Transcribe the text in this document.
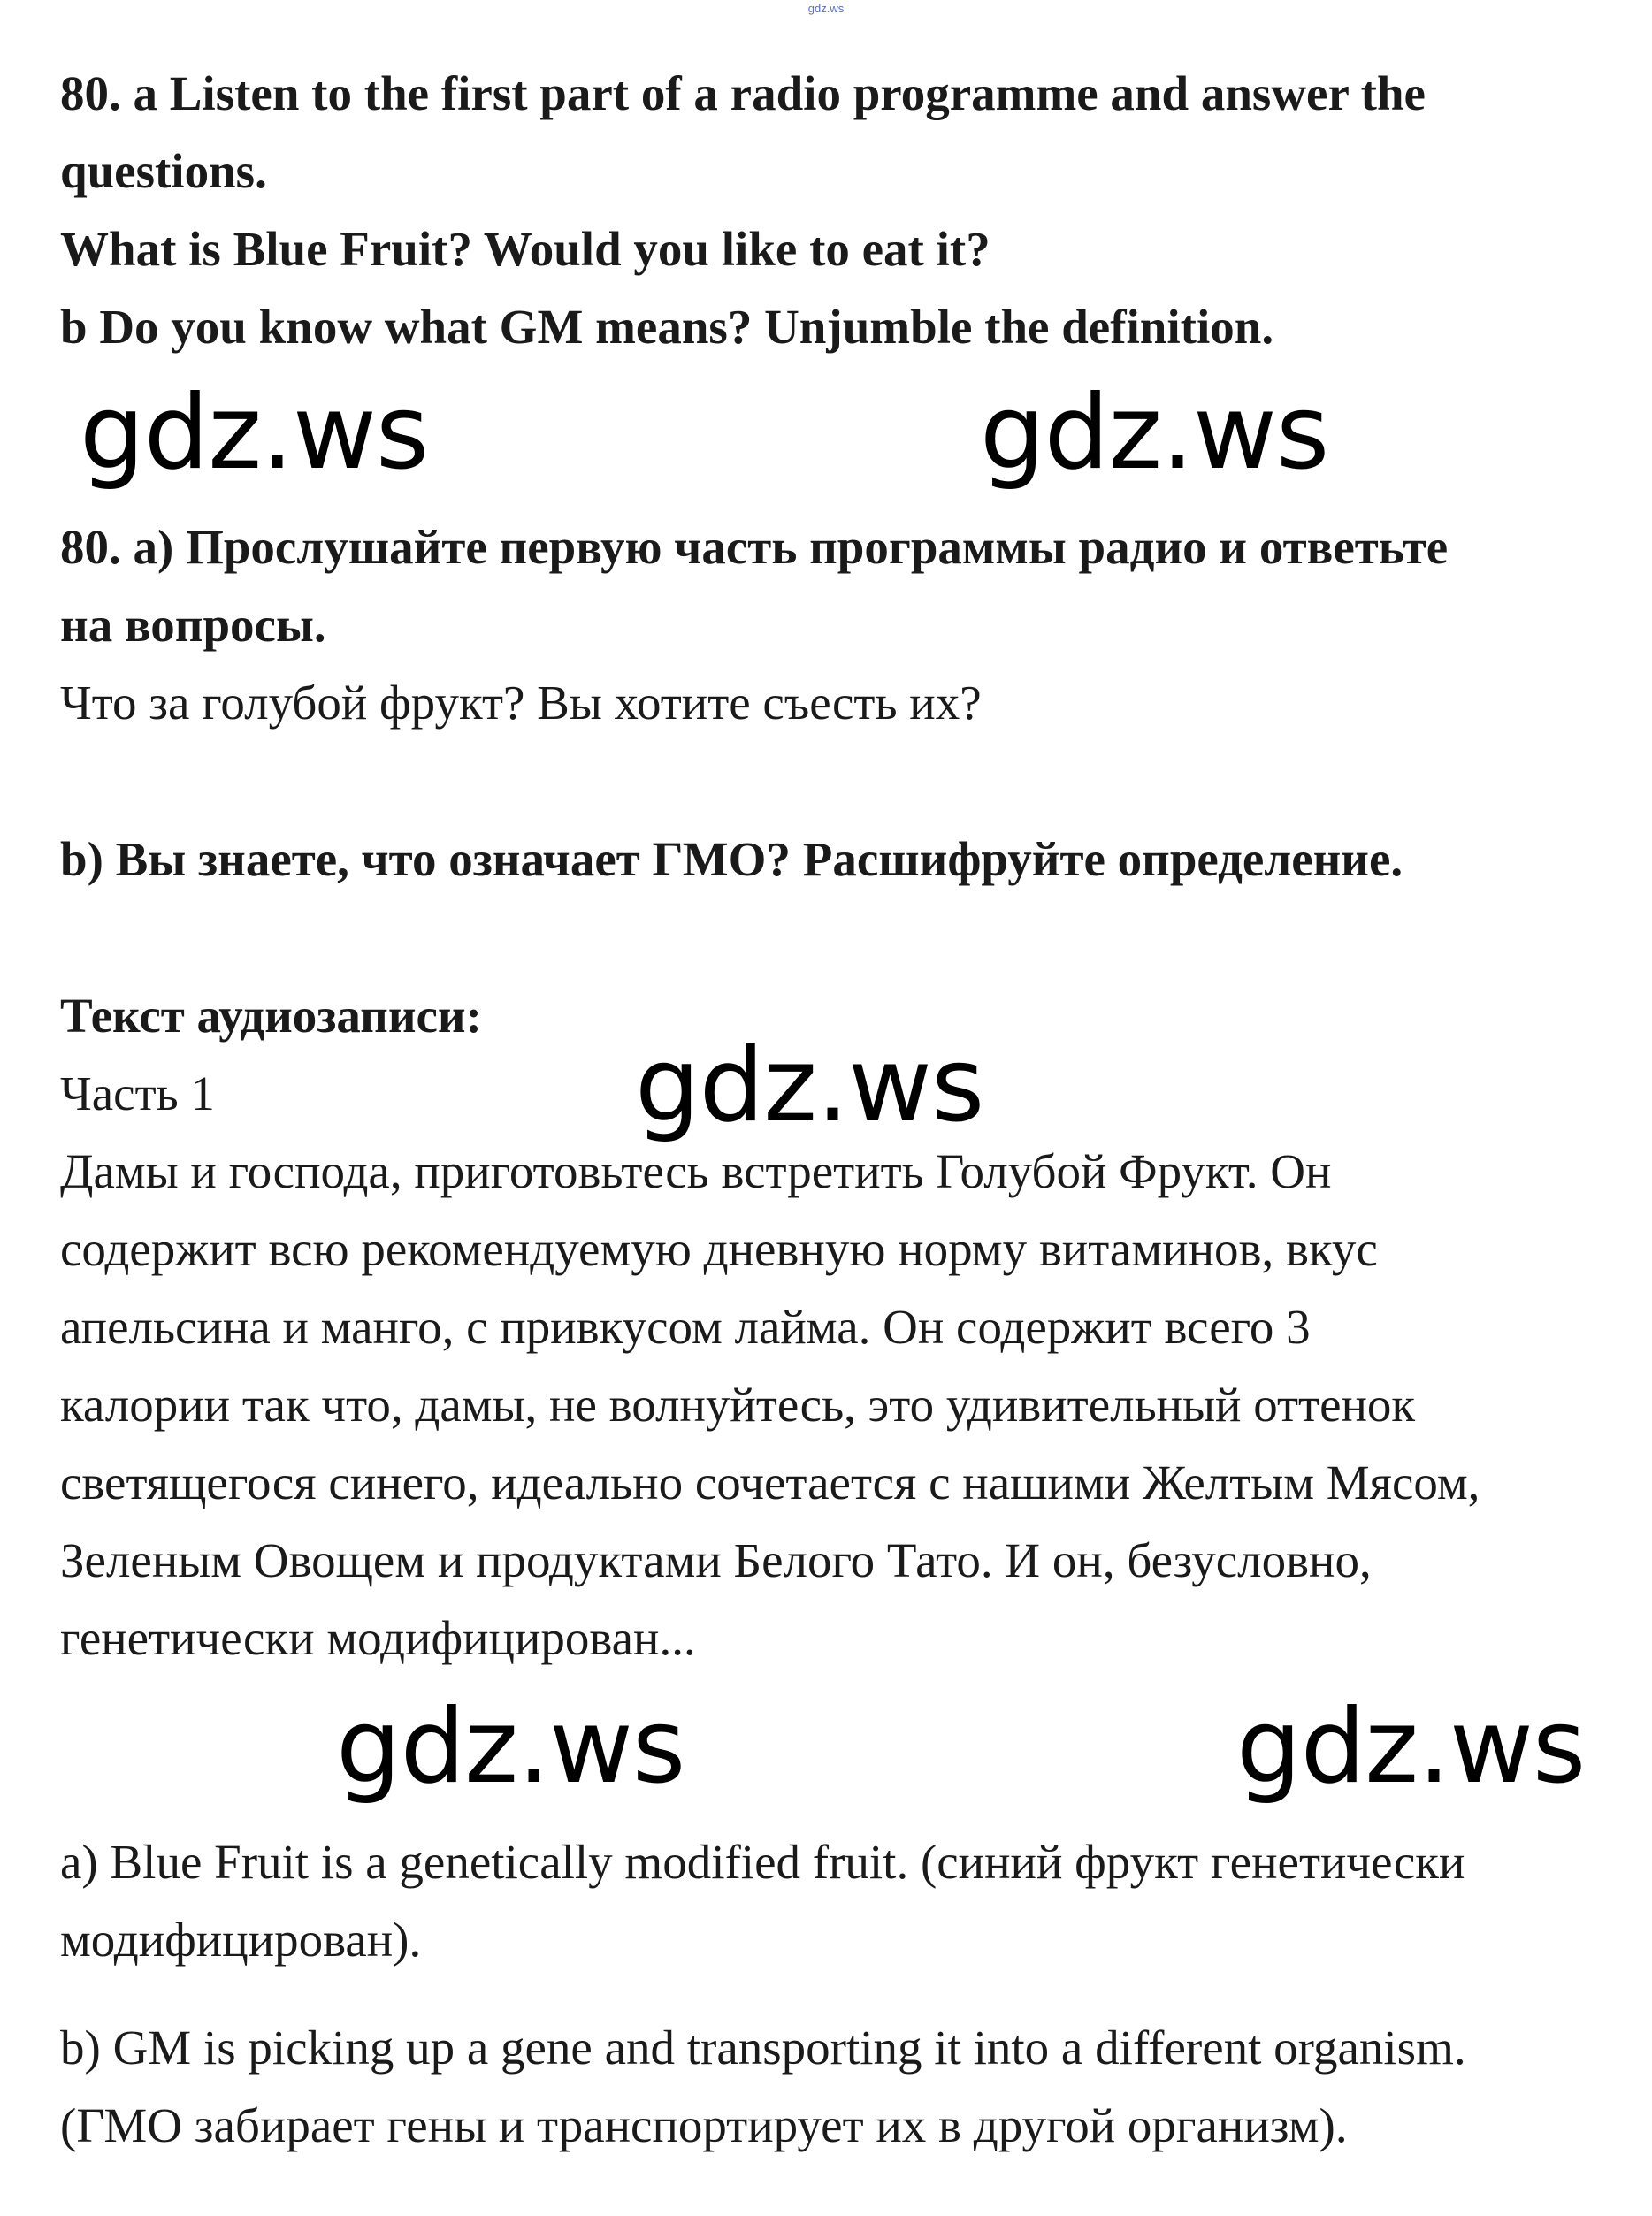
gdz.ws
80. a Listen to the first part of a radio programme and answer the
questions.
What is Blue Fruit? Would you like to eat it?
b Do you know what GM means? Unjumble the definition.
gdz.ws	gdz.ws
80. а) Прослушайте первую часть программы радио и ответьте
на вопросы.
Что за голубой фрукт? Вы хотите съесть их?
b) Вы знаете, что означает ГМО? Расшифруйте определение.
Текст аудиозаписи:
Часть 1	gdz.ws
Дамы и господа, приготовьтесь встретить Голубой Фрукт. Он
содержит всю рекомендуемую дневную норму витаминов, вкус
апельсина и манго, с привкусом лайма. Он содержит всего 3
калории так что, дамы, не волнуйтесь, это удивительный оттенок
светящегося синего, идеально сочетается с нашими Желтым Мясом,
Зеленым Овощем и продуктами Белого Тато. И он, безусловно,
генетически модифицирован...
gdz.ws	gdz.ws
a) Blue Fruit is a genetically modified fruit. (синий фрукт генетически
модифицирован).
b) GM is picking up a gene and transporting it into a different organism.
(ГМО забирает гены и транспортирует их в другой организм).
